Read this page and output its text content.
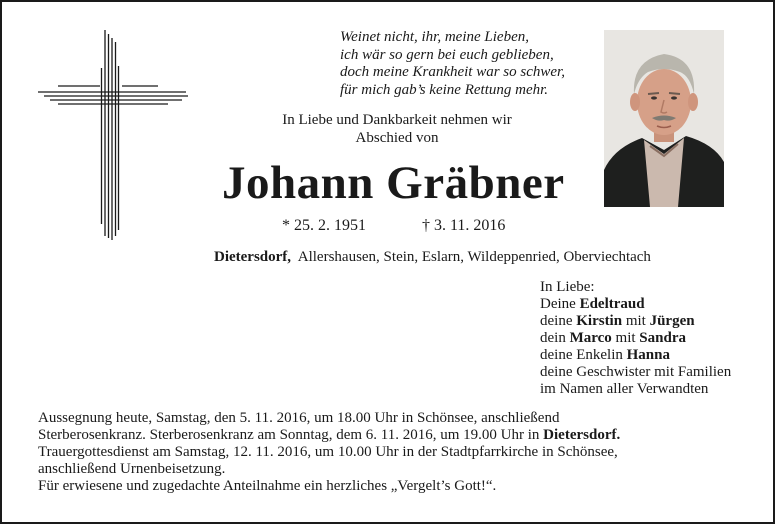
Weinet nicht, ihr, meine Lieben,
ich wär so gern bei euch geblieben,
doch meine Krankheit war so schwer,
für mich gab’s keine Rettung mehr.
In Liebe und Dankbarkeit nehmen wir
Abschied von
Johann Gräbner
* 25. 2. 1951	† 3. 11. 2016
Dietersdorf, Allershausen, Stein, Eslarn, Wildeppenried, Oberviechtach
In Liebe:
Deine Edeltraud
deine Kirstin mit Jürgen
dein Marco mit Sandra
deine Enkelin Hanna
deine Geschwister mit Familien
im Namen aller Verwandten
Aussegnung heute, Samstag, den 5. 11. 2016, um 18.00 Uhr in Schönsee, anschließend
Sterberosenkranz. Sterberosenkranz am Sonntag, dem 6. 11. 2016, um 19.00 Uhr in Dietersdorf.
Trauergottesdienst am Samstag, 12. 11. 2016, um 10.00 Uhr in der Stadtpfarrkirche in Schönsee,
anschließend Urnenbeisetzung.
Für erwiesene und zugedachte Anteilnahme ein herzliches „Vergelt’s Gott!“.
